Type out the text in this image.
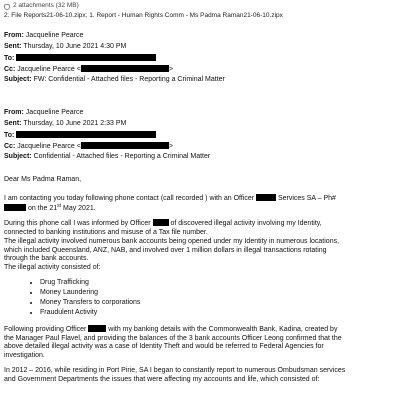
2 attachments (32 MB)
2. File Reports21-06-10.zipx; 1. Report - Human Rights Comm - Ms Padma Raman21-06-10.zipx

From: Jacqueline Pearce

Sent: Thursday, 10 June 2021 4:30 PM

To:

Cc: Jacqueline Pearce <	>

Subject: FW: Confidential - Attached files - Reporting a Criminal Matter

From: Jacqueline Pearce

Sent: Thursday, 10 June 2021 2:33 PM

To:

Cc: Jacqueline Pearce <	>

Subject: Confidential - Attached files - Reporting a Criminal Matter

Dear Ms Padma Raman,

I am contacting you today following phone contact (call recorded ) with an Officer	Services SA – Ph#
on the 21st May 2021.

During this phone call I was informed by Officer	of discovered illegal activity involving my Identity,
connected to banking institutions and misuse of a Tax file number.
The illegal activity involved numerous bank accounts being opened under my Identity in numerous locations,
which included Queensland, ANZ, NAB, and involved over 1 million dollars in illegal transactions rotating
through the bank accounts.
The illegal activity consisted of:

• Drug Trafficking
• Money Laundering
• Money Transfers to corporations
• Fraudulent Activity

Following providing Officer	with my banking details with the Commonwealth Bank, Kadina, created by
the Manager Paul Flavel, and providing the balances of the 3 bank accounts Officer Leong confirmed that the
above detailed illegal activity was a case of Identity Theft and would be referred to Federal Agencies for
investigation.

In 2012 – 2016, while residing in Port Pirie, SA I began to constantly report to numerous Ombudsman services
and Government Departments the issues that were affecting my accounts and life, which consisted of:
